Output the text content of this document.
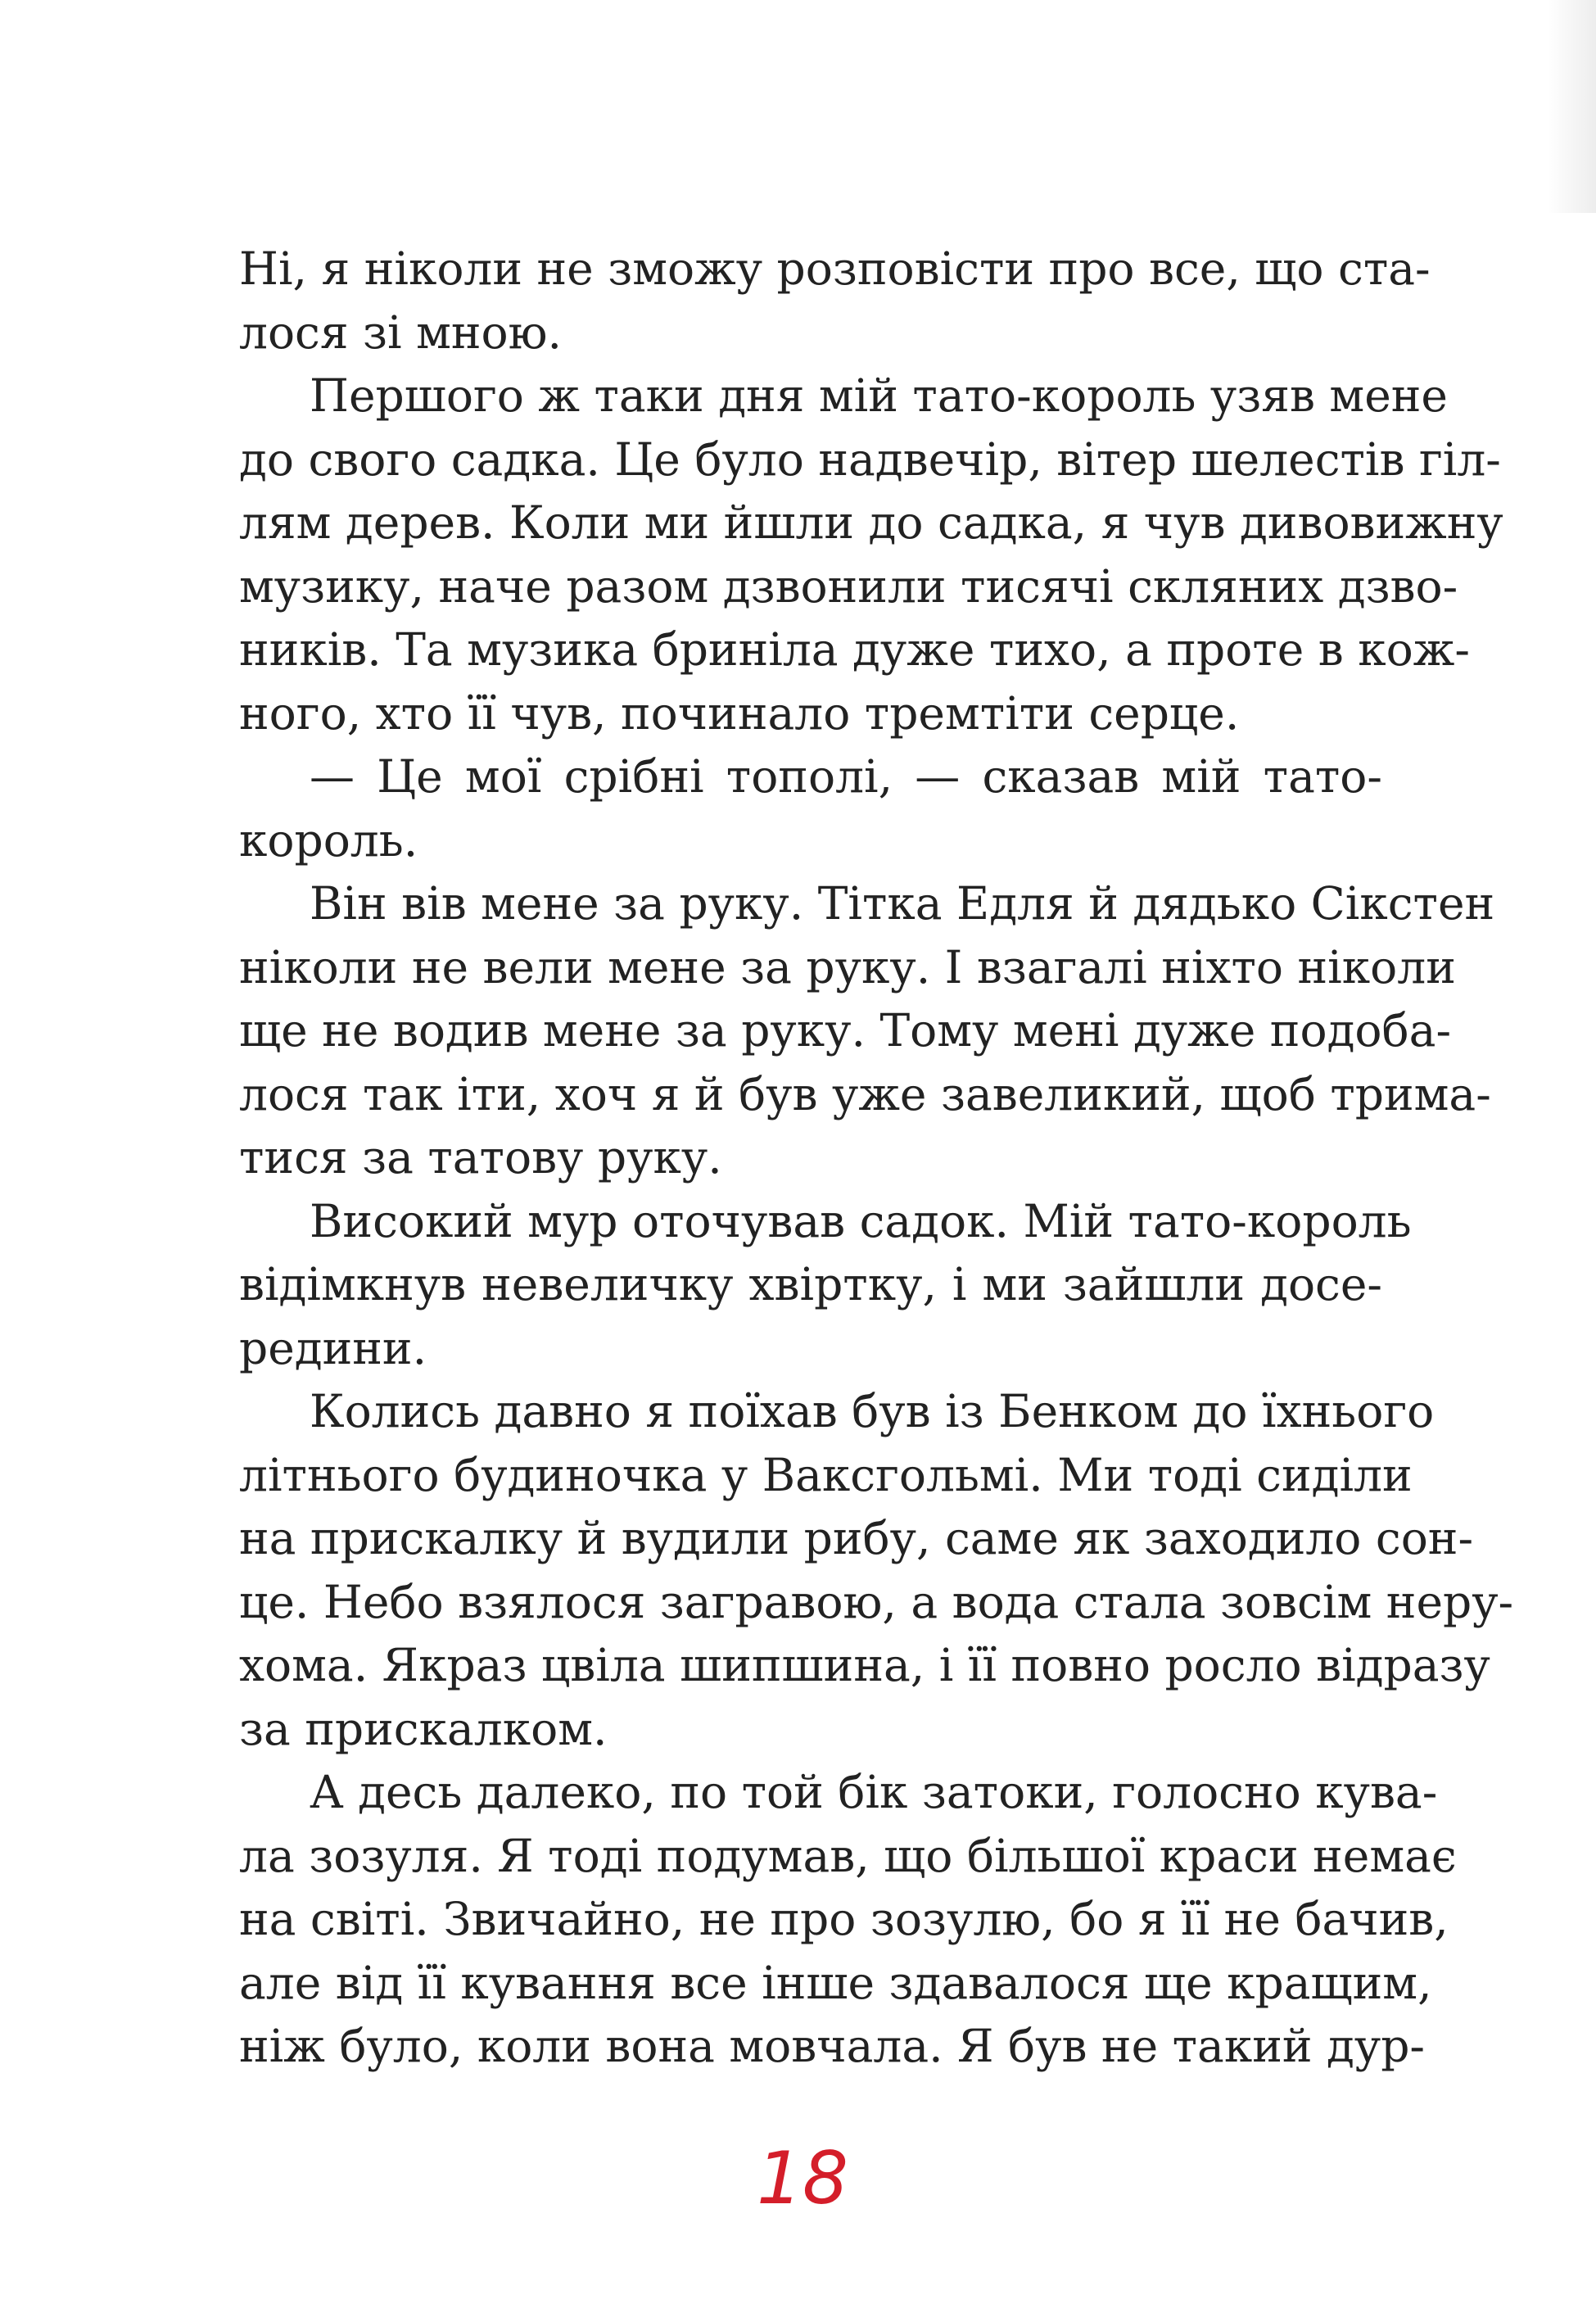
Ні, я ніколи не зможу розповісти про все, що ста-
лося зі мною.
Першого ж таки дня мій тато-король узяв мене
до свого садка. Це було надвечір, вітер шелестів гіл-
лям дерев. Коли ми йшли до садка, я чув дивовижну
музику, наче разом дзвонили тисячі скляних дзво-
ників. Та музика бриніла дуже тихо, а проте в кож-
ного, хто її чув, починало тремтіти серце.
— Це мої срібні тополі, — сказав мій тато-
король.
Він вів мене за руку. Тітка Едля й дядько Сікстен
ніколи не вели мене за руку. І взагалі ніхто ніколи
ще не водив мене за руку. Тому мені дуже подоба-
лося так іти, хоч я й був уже завеликий, щоб трима-
тися за татову руку.
Високий мур оточував садок. Мій тато-король
відімкнув невеличку хвіртку, і ми зайшли досе-
редини.
Колись давно я поїхав був із Бенком до їхнього
літнього будиночка у Ваксгольмі. Ми тоді сиділи
на прискалку й вудили рибу, саме як заходило сон-
це. Небо взялося загравою, а вода стала зовсім неру-
хома. Якраз цвіла шипшина, і її повно росло відразу
за прискалком.
А десь далеко, по той бік затоки, голосно кува-
ла зозуля. Я тоді подумав, що більшої краси немає
на світі. Звичайно, не про зозулю, бо я її не бачив,
але від її кування все інше здавалося ще кращим,
ніж було, коли вона мовчала. Я був не такий дур-
18
